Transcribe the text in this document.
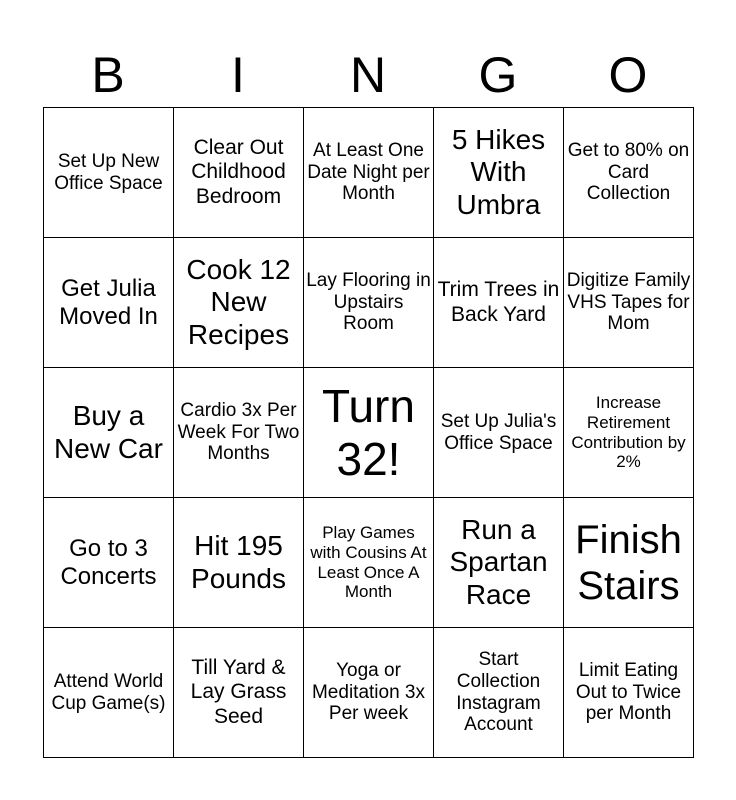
B	I	N	G	O
Set Up New Office Space	Clear Out Childhood Bedroom	At Least One Date Night per Month	5 Hikes With Umbra	Get to 80% on Card Collection
Get Julia Moved In	Cook 12 New Recipes	Lay Flooring in Upstairs Room	Trim Trees in Back Yard	Digitize Family VHS Tapes for Mom
Buy a New Car	Cardio 3x Per Week For Two Months	Turn 32!	Set Up Julia's Office Space	Increase Retirement Contribution by 2%
Go to 3 Concerts	Hit 195 Pounds	Play Games with Cousins At Least Once A Month	Run a Spartan Race	Finish Stairs
Attend World Cup Game(s)	Till Yard & Lay Grass Seed	Yoga or Meditation 3x Per week	Start Collection Instagram Account	Limit Eating Out to Twice per Month
